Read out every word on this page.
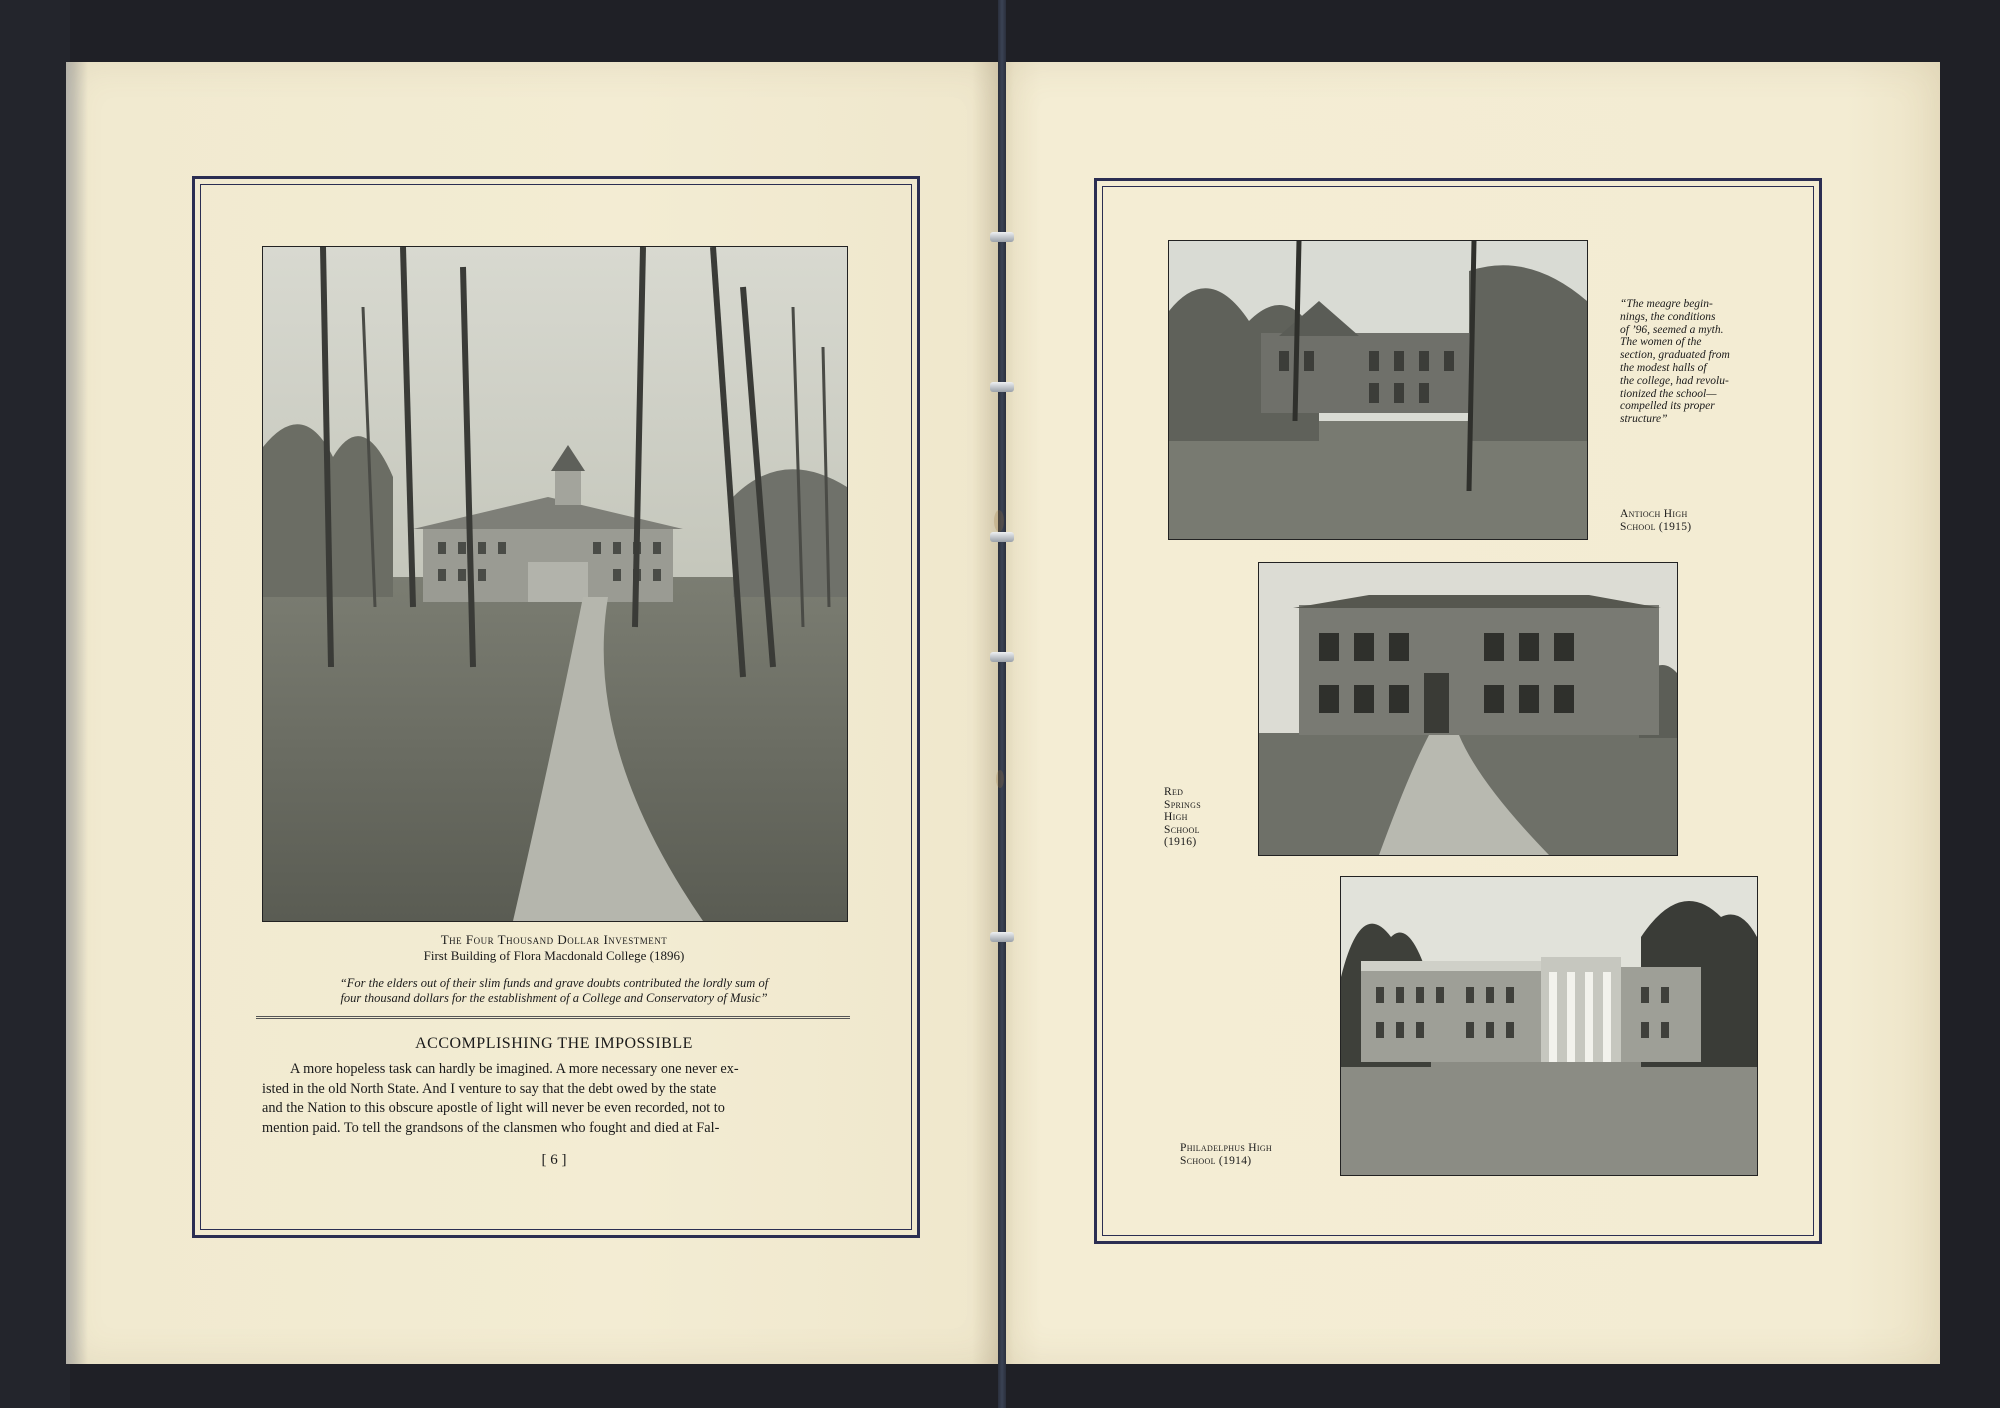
The Four Thousand Dollar Investment
First Building of Flora Macdonald College (1896)
“For the elders out of their slim funds and grave doubts contributed the lordly sum of
four thousand dollars for the establishment of a College and Conservatory of Music”
ACCOMPLISHING THE IMPOSSIBLE
A more hopeless task can hardly be imagined. A more necessary one never ex-
isted in the old North State. And I venture to say that the debt owed by the state
and the Nation to this obscure apostle of light will never be even recorded, not to
mention paid. To tell the grandsons of the clansmen who fought and died at Fal-
[ 6 ]
“The meagre begin-
nings, the conditions
of ’96, seemed a myth.
The women of the
section, graduated from
the modest halls of
the college, had revolu-
tionized the school—
compelled its proper
structure”
Antioch High
School (1915)
Red
Springs
High
School
(1916)
Philadelphus High
School (1914)
